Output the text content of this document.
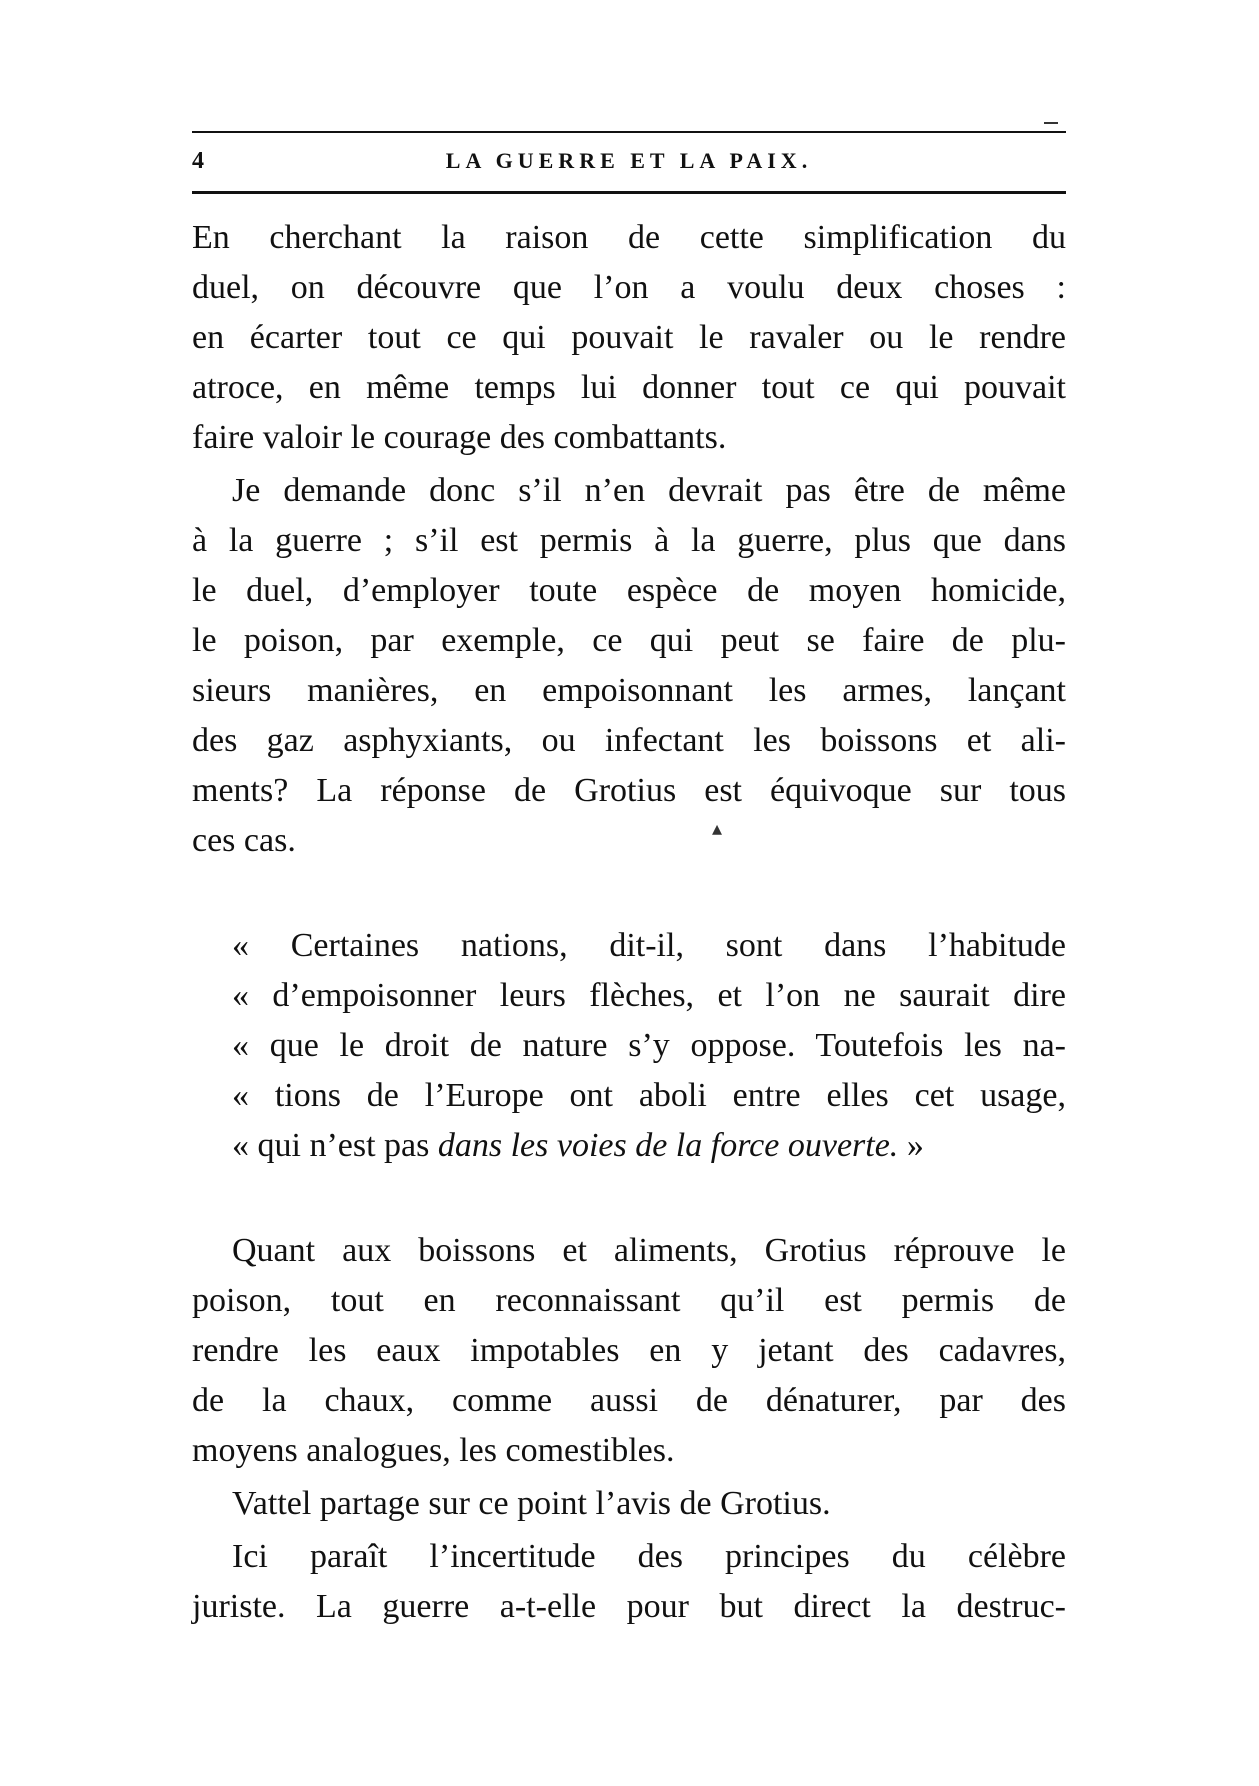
4	LA GUERRE ET LA PAIX.
En cherchant la raison de cette simplification du
duel, on découvre que l’on a voulu deux choses :
en écarter tout ce qui pouvait le ravaler ou le rendre
atroce, en même temps lui donner tout ce qui pouvait
faire valoir le courage des combattants.
Je demande donc s’il n’en devrait pas être de même
à la guerre ; s’il est permis à la guerre, plus que dans
le duel, d’employer toute espèce de moyen homicide,
le poison, par exemple, ce qui peut se faire de plu-
sieurs manières, en empoisonnant les armes, lançant
des gaz asphyxiants, ou infectant les boissons et ali-
ments? La réponse de Grotius est équivoque sur tous
ces cas.	▴
« Certaines nations, dit-il, sont dans l’habitude
« d’empoisonner leurs flèches, et l’on ne saurait dire
« que le droit de nature s’y oppose. Toutefois les na-
« tions de l’Europe ont aboli entre elles cet usage,
« qui n’est pas dans les voies de la force ouverte. »
Quant aux boissons et aliments, Grotius réprouve le
poison, tout en reconnaissant qu’il est permis de
rendre les eaux impotables en y jetant des cadavres,
de la chaux, comme aussi de dénaturer, par des
moyens analogues, les comestibles.
Vattel partage sur ce point l’avis de Grotius.
Ici paraît l’incertitude des principes du célèbre
juriste. La guerre a-t-elle pour but direct la destruc-
